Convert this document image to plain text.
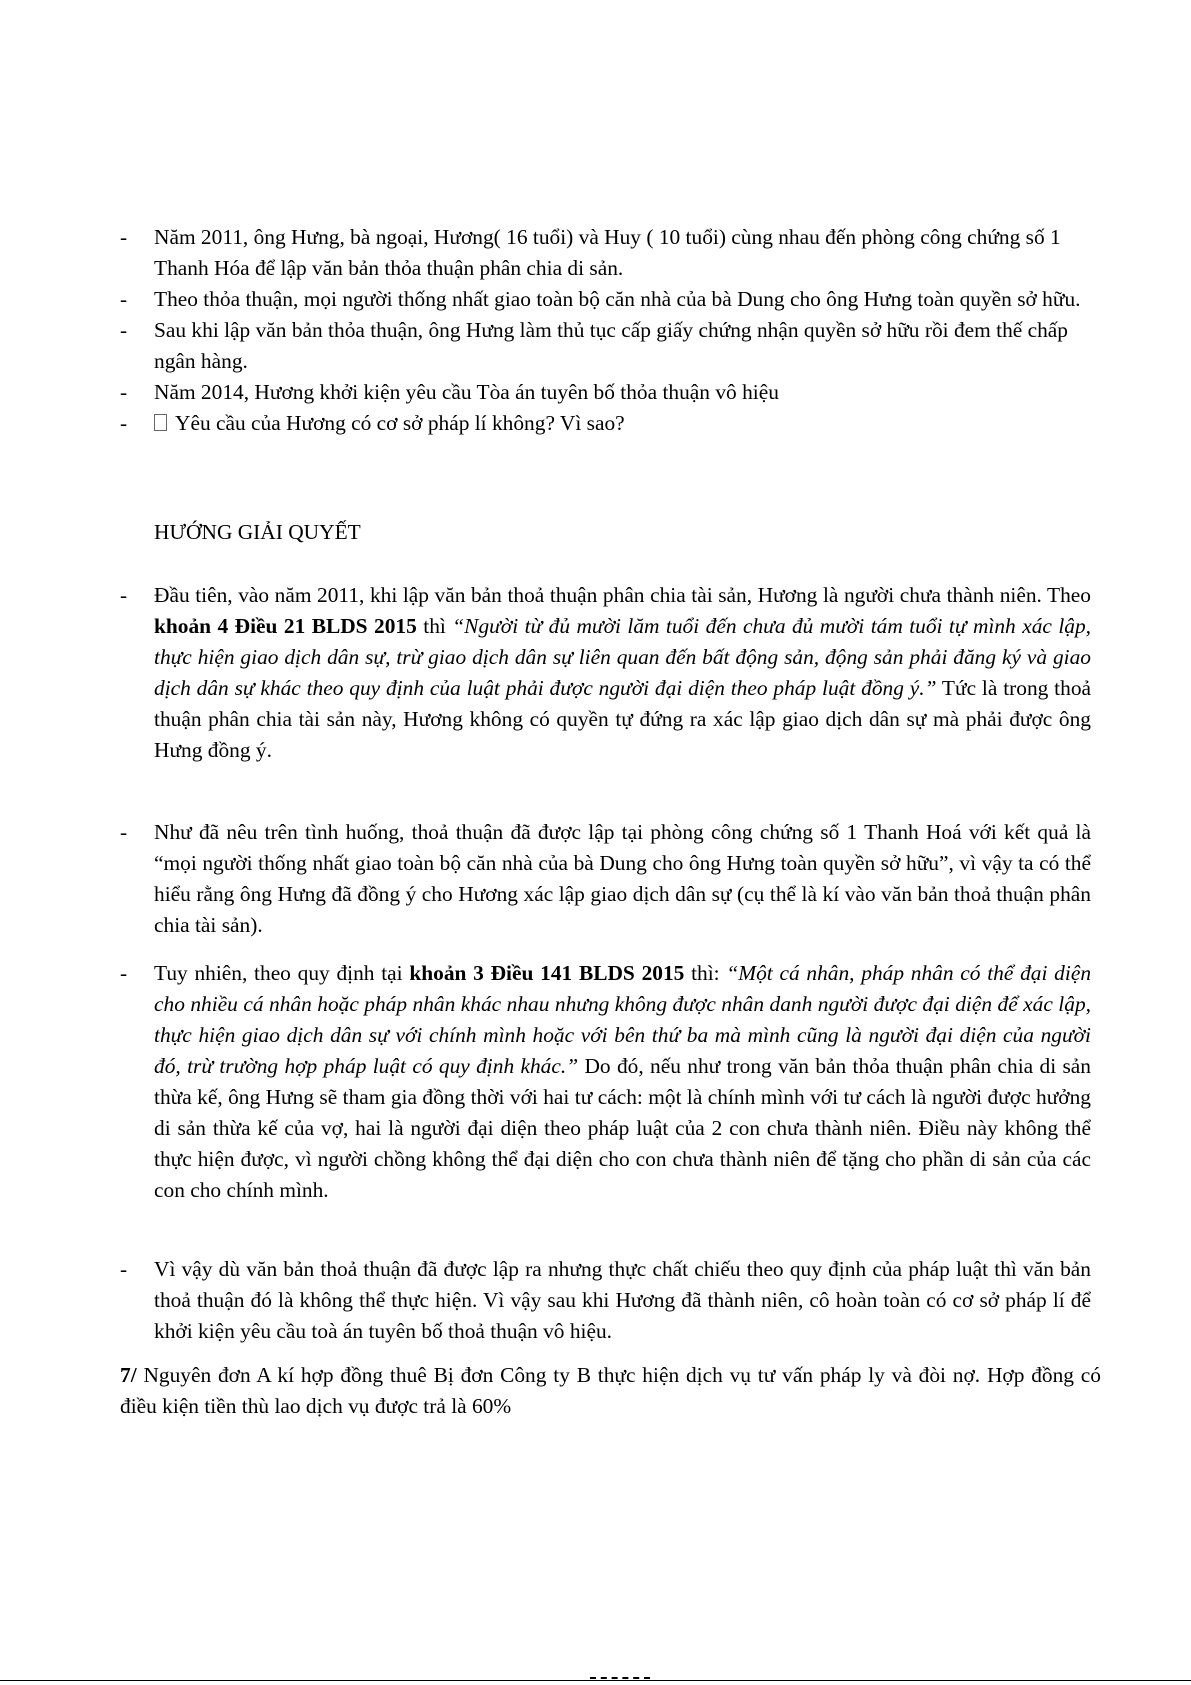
-	Năm 2011, ông Hưng, bà ngoại, Hương( 16 tuổi) và Huy ( 10 tuổi) cùng nhau đến phòng công chứng số 1 Thanh Hóa để lập văn bản thỏa thuận phân chia di sản.
-	Theo thỏa thuận, mọi người thống nhất giao toàn bộ căn nhà của bà Dung cho ông Hưng toàn quyền sở hữu.
-	Sau khi lập văn bản thỏa thuận, ông Hưng làm thủ tục cấp giấy chứng nhận quyền sở hữu rồi đem thế chấp ngân hàng.
-	Năm 2014, Hương khởi kiện yêu cầu Tòa án tuyên bố thỏa thuận vô hiệu
-	Yêu cầu của Hương có cơ sở pháp lí không? Vì sao?
HƯỚNG GIẢI QUYẾT
-	Đầu tiên, vào năm 2011, khi lập văn bản thoả thuận phân chia tài sản, Hương là người chưa thành niên. Theo khoản 4 Điều 21 BLDS 2015 thì “Người từ đủ mười lăm tuổi đến chưa đủ mười tám tuổi tự mình xác lập, thực hiện giao dịch dân sự, trừ giao dịch dân sự liên quan đến bất động sản, động sản phải đăng ký và giao dịch dân sự khác theo quy định của luật phải được người đại diện theo pháp luật đồng ý.” Tức là trong thoả thuận phân chia tài sản này, Hương không có quyền tự đứng ra xác lập giao dịch dân sự mà phải được ông Hưng đồng ý.
-	Như đã nêu trên tình huống, thoả thuận đã được lập tại phòng công chứng số 1 Thanh Hoá với kết quả là “mọi người thống nhất giao toàn bộ căn nhà của bà Dung cho ông Hưng toàn quyền sở hữu”, vì vậy ta có thể hiểu rằng ông Hưng đã đồng ý cho Hương xác lập giao dịch dân sự (cụ thể là kí vào văn bản thoả thuận phân chia tài sản).
-	Tuy nhiên, theo quy định tại khoản 3 Điều 141 BLDS 2015 thì: “Một cá nhân, pháp nhân có thể đại diện cho nhiều cá nhân hoặc pháp nhân khác nhau nhưng không được nhân danh người được đại diện để xác lập, thực hiện giao dịch dân sự với chính mình hoặc với bên thứ ba mà mình cũng là người đại diện của người đó, trừ trường hợp pháp luật có quy định khác.” Do đó, nếu như trong văn bản thỏa thuận phân chia di sản thừa kế, ông Hưng sẽ tham gia đồng thời với hai tư cách: một là chính mình với tư cách là người được hưởng di sản thừa kế của vợ, hai là người đại diện theo pháp luật của 2 con chưa thành niên. Điều này không thể thực hiện được, vì người chồng không thể đại diện cho con chưa thành niên để tặng cho phần di sản của các con cho chính mình.
-	Vì vậy dù văn bản thoả thuận đã được lập ra nhưng thực chất chiếu theo quy định của pháp luật thì văn bản thoả thuận đó là không thể thực hiện. Vì vậy sau khi Hương đã thành niên, cô hoàn toàn có cơ sở pháp lí để khởi kiện yêu cầu toà án tuyên bố thoả thuận vô hiệu.
7/ Nguyên đơn A kí hợp đồng thuê Bị đơn Công ty B thực hiện dịch vụ tư vấn pháp ly và đòi nợ. Hợp đồng có điều kiện tiền thù lao dịch vụ được trả là 60%
